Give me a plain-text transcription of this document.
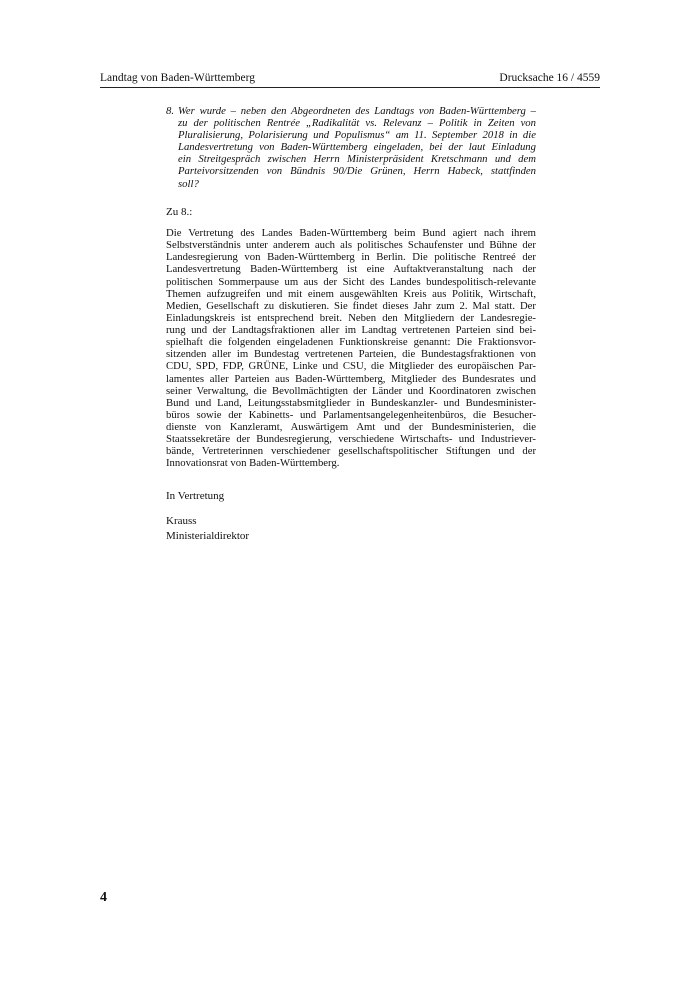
Landtag von Baden-Württemberg	Drucksache 16 / 4559
8. Wer wurde – neben den Abgeordneten des Landtags von Baden-Württemberg –
zu der politischen Rentrée „Radikalität vs. Relevanz – Politik in Zeiten von
Pluralisierung, Polarisierung und Populismus“ am 11. September 2018 in die
Landesvertretung von Baden-Württemberg eingeladen, bei der laut Einladung
ein Streitgespräch zwischen Herrn Ministerpräsident Kretschmann und dem
Parteivorsitzenden von Bündnis 90/Die Grünen, Herrn Habeck, stattfinden
soll?
Zu 8.:
Die Vertretung des Landes Baden-Württemberg beim Bund agiert nach ihrem
Selbstverständnis unter anderem auch als politisches Schaufenster und Bühne der
Landesregierung von Baden-Württemberg in Berlin. Die politische Rentreé der
Landesvertretung Baden-Württemberg ist eine Auftaktveranstaltung nach der
politischen Sommerpause um aus der Sicht des Landes bundespolitisch-relevante
Themen aufzugreifen und mit einem ausgewählten Kreis aus Politik, Wirtschaft,
Medien, Gesellschaft zu diskutieren. Sie findet dieses Jahr zum 2. Mal statt. Der
Einladungskreis ist entsprechend breit. Neben den Mitgliedern der Landesregie-
rung und der Landtagsfraktionen aller im Landtag vertretenen Parteien sind bei-
spielhaft die folgenden eingeladenen Funktionskreise genannt: Die Fraktionsvor-
sitzenden aller im Bundestag vertretenen Parteien, die Bundestagsfraktionen von
CDU, SPD, FDP, GRÜNE, Linke und CSU, die Mitglieder des europäischen Par-
lamentes aller Parteien aus Baden-Württemberg, Mitglieder des Bundesrates und
seiner Verwaltung, die Bevollmächtigten der Länder und Koordinatoren zwischen
Bund und Land, Leitungsstabsmitglieder in Bundeskanzler- und Bundesminister-
büros sowie der Kabinetts- und Parlamentsangelegenheitenbüros, die Besucher-
dienste von Kanzleramt, Auswärtigem Amt und der Bundesministerien, die
Staatssekretäre der Bundesregierung, verschiedene Wirtschafts- und Industriever-
bände, Vertreterinnen verschiedener gesellschaftspolitischer Stiftungen und der
Innovationsrat von Baden-Württemberg.
In Vertretung
Krauss
Ministerialdirektor
4
